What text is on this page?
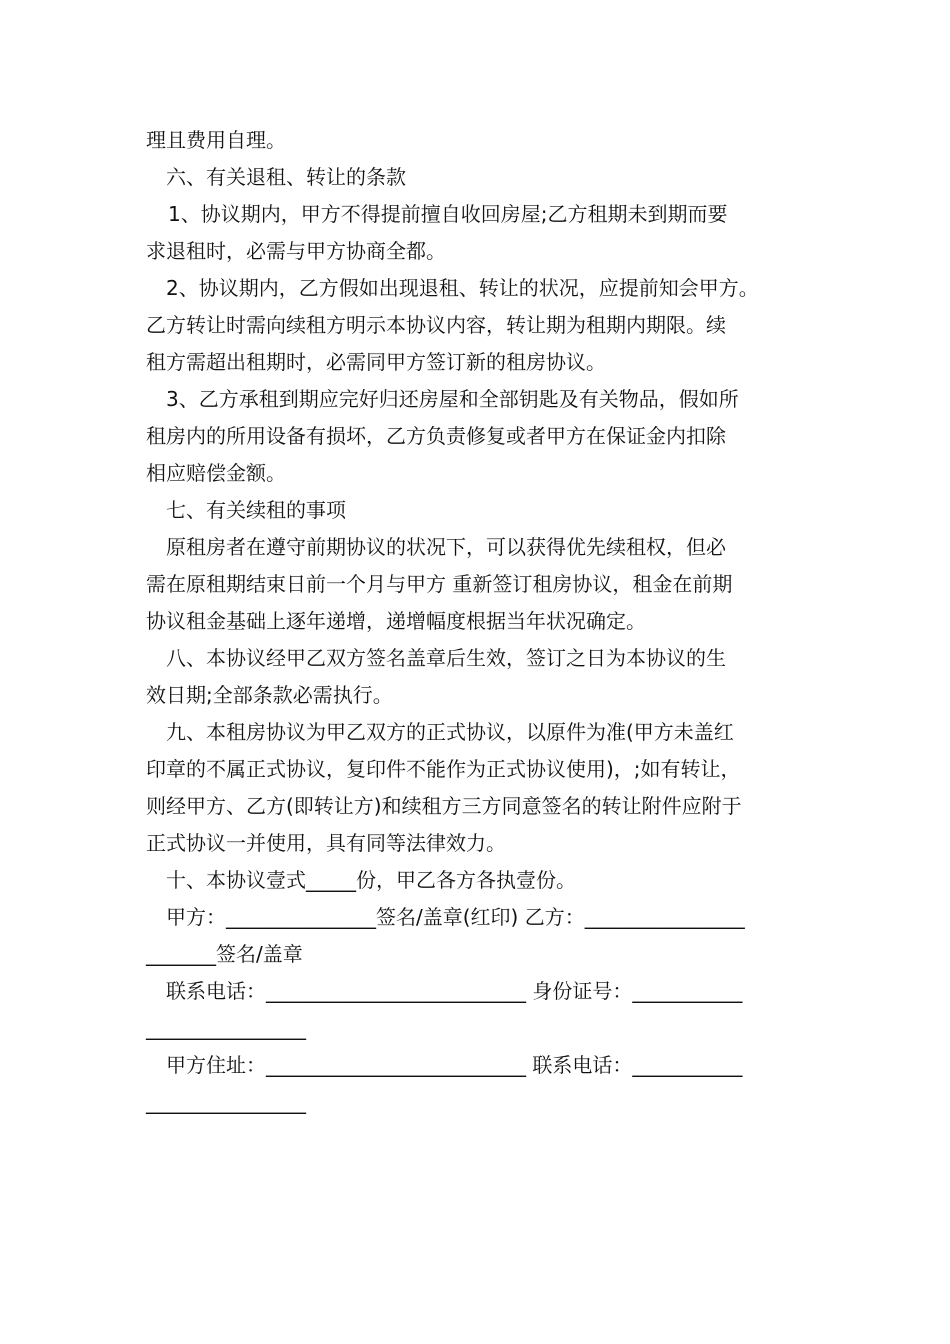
理且费用自理。
六、有关退租、转让的条款
1、协议期内，甲方不得提前擅自收回房屋;乙方租期未到期而要
求退租时，必需与甲方协商全都。
2、协议期内，乙方假如出现退租、转让的状况，应提前知会甲方。
乙方转让时需向续租方明示本协议内容，转让期为租期内期限。续
租方需超出租期时，必需同甲方签订新的租房协议。
3、乙方承租到期应完好归还房屋和全部钥匙及有关物品，假如所
租房内的所用设备有损坏，乙方负责修复或者甲方在保证金内扣除
相应赔偿金额。
七、有关续租的事项
原租房者在遵守前期协议的状况下，可以获得优先续租权，但必
需在原租期结束日前一个月与甲方 重新签订租房协议，租金在前期
协议租金基础上逐年递增，递增幅度根据当年状况确定。
八、本协议经甲乙双方签名盖章后生效，签订之日为本协议的生
效日期;全部条款必需执行。
九、本租房协议为甲乙双方的正式协议，以原件为准(甲方未盖红
印章的不属正式协议，复印件不能作为正式协议使用)，;如有转让，
则经甲方、乙方(即转让方)和续租方三方同意签名的转让附件应附于
正式协议一并使用，具有同等法律效力。
十、本协议壹式_____份，甲乙各方各执壹份。
甲方：_______________签名/盖章(红印) 乙方：________________
_______签名/盖章
联系电话：__________________________ 身份证号：___________
________________
甲方住址：__________________________ 联系电话：___________
________________
